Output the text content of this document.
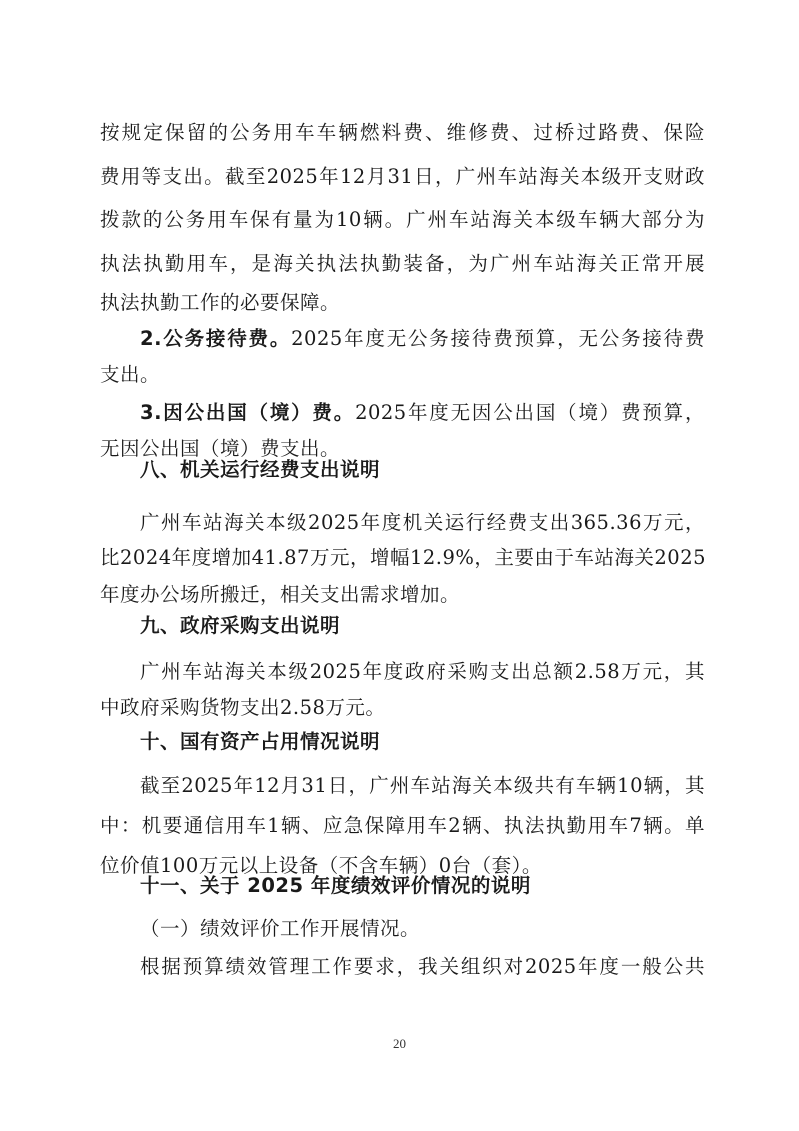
按规定保留的公务用车车辆燃料费、维修费、过桥过路费、保险
费用等支出。截至2025年12月31日，广州车站海关本级开支财政
拨款的公务用车保有量为10辆。广州车站海关本级车辆大部分为
执法执勤用车，是海关执法执勤装备，为广州车站海关正常开展
执法执勤工作的必要保障。
2.公务接待费。2025年度无公务接待费预算，无公务接待费
支出。
3.因公出国（境）费。2025年度无因公出国（境）费预算，
无因公出国（境）费支出。
八、机关运行经费支出说明
广州车站海关本级2025年度机关运行经费支出365.36万元，
比2024年度增加41.87万元，增幅12.9%，主要由于车站海关2025
年度办公场所搬迁，相关支出需求增加。
九、政府采购支出说明
广州车站海关本级2025年度政府采购支出总额2.58万元，其
中政府采购货物支出2.58万元。
十、国有资产占用情况说明
截至2025年12月31日，广州车站海关本级共有车辆10辆，其
中：机要通信用车1辆、应急保障用车2辆、执法执勤用车7辆。单
位价值100万元以上设备（不含车辆）0台（套）。
十一、关于 2025 年度绩效评价情况的说明
（一）绩效评价工作开展情况。
20
根据预算绩效管理工作要求，我关组织对2025年度一般公共
